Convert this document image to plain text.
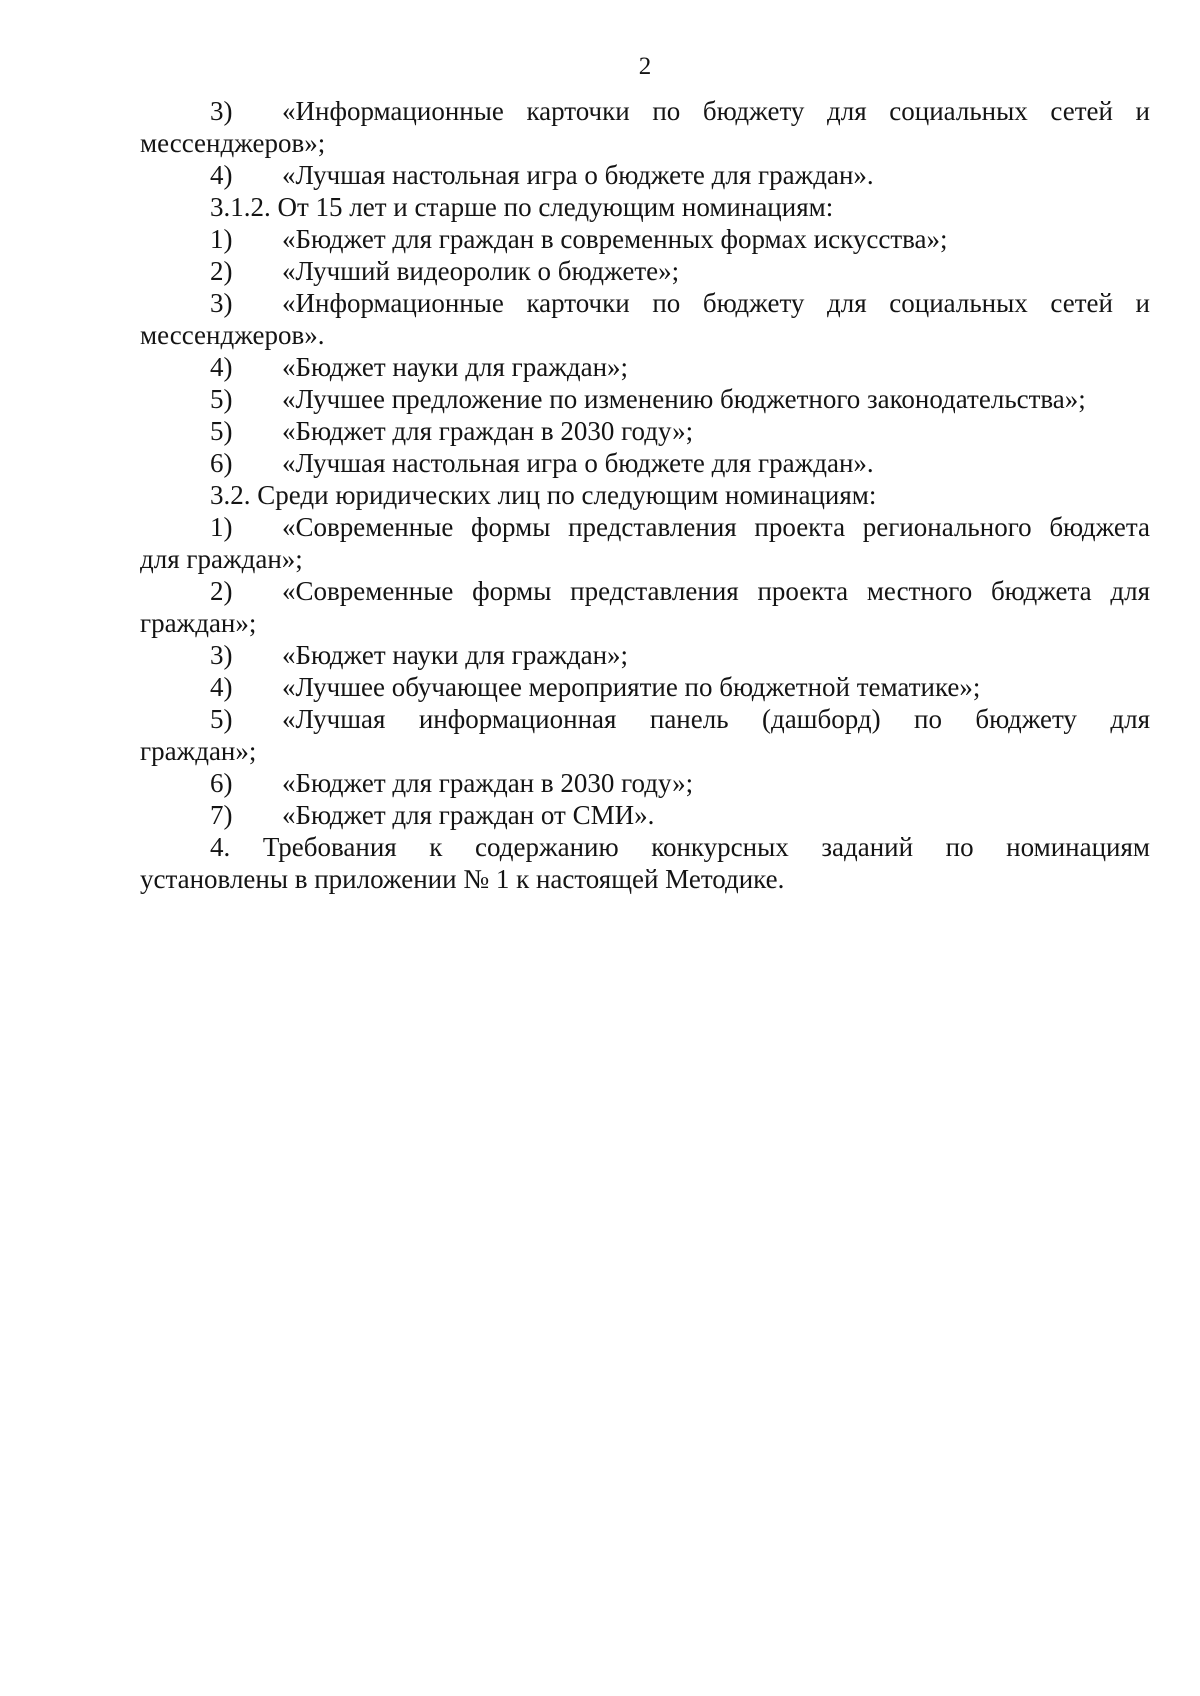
2
3)	«Информационные карточки по бюджету для социальных сетей и
мессенджеров»;
4) «Лучшая настольная игра о бюджете для граждан».
3.1.2. От 15 лет и старше по следующим номинациям:
1) «Бюджет для граждан в современных формах искусства»;
2) «Лучший видеоролик о бюджете»;
3)	«Информационные карточки по бюджету для социальных сетей и
мессенджеров».
4) «Бюджет науки для граждан»;
5) «Лучшее предложение по изменению бюджетного законодательства»;
5) «Бюджет для граждан в 2030 году»;
6) «Лучшая настольная игра о бюджете для граждан».
3.2. Среди юридических лиц по следующим номинациям:
1)	«Современные формы представления проекта регионального бюджета
для граждан»;
2)	«Современные формы представления проекта местного бюджета для
граждан»;
3) «Бюджет науки для граждан»;
4) «Лучшее обучающее мероприятие по бюджетной тематике»;
5)	«Лучшая информационная панель (дашборд) по бюджету для
граждан»;
6) «Бюджет для граждан в 2030 году»;
7) «Бюджет для граждан от СМИ».
4. Требования к содержанию конкурсных заданий по номинациям
установлены в приложении № 1 к настоящей Методике.
